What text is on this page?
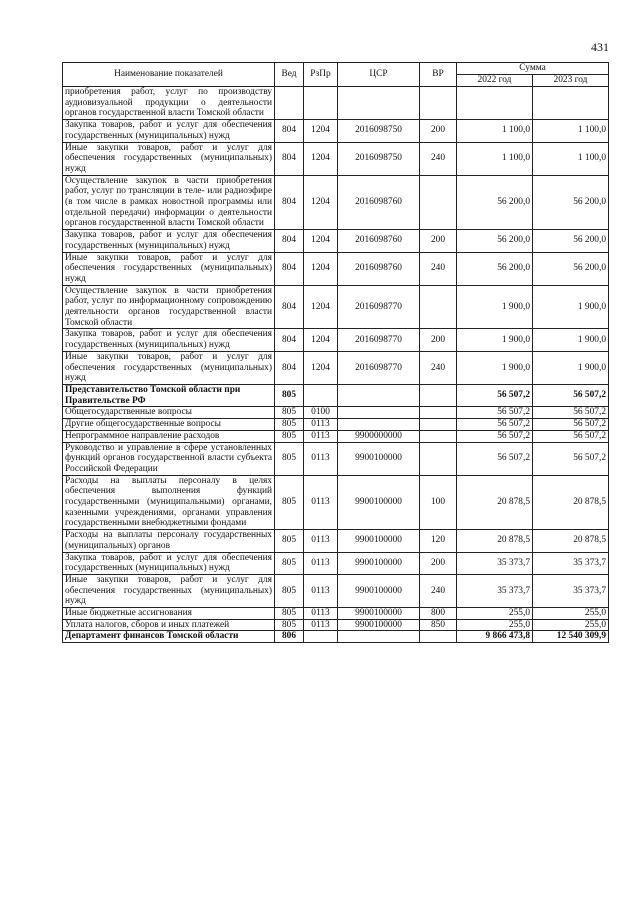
431
Наименование показателей	Вед	РзПр	ЦСР	ВР	Сумма	
					2022 год	2023 год
приобретения работ, услуг по производству аудиовизуальной продукции о деятельности органов государственной власти Томской области						
Закупка товаров, работ и услуг для обеспечения государственных (муниципальных) нужд	804	1204	2016098750	200	1 100,0	1 100,0
Иные закупки товаров, работ и услуг для обеспечения государственных (муниципальных) нужд	804	1204	2016098750	240	1 100,0	1 100,0
Осуществление закупок в части приобретения работ, услуг по трансляции в теле- или радиоэфире (в том числе в рамках новостной программы или отдельной передачи) информации о деятельности органов государственной власти Томской области	804	1204	2016098760		56 200,0	56 200,0
Закупка товаров, работ и услуг для обеспечения государственных (муниципальных) нужд	804	1204	2016098760	200	56 200,0	56 200,0
Иные закупки товаров, работ и услуг для обеспечения государственных (муниципальных) нужд	804	1204	2016098760	240	56 200,0	56 200,0
Осуществление закупок в части приобретения работ, услуг по информационному сопровождению деятельности органов государственной власти Томской области	804	1204	2016098770		1 900,0	1 900,0
Закупка товаров, работ и услуг для обеспечения государственных (муниципальных) нужд	804	1204	2016098770	200	1 900,0	1 900,0
Иные закупки товаров, работ и услуг для обеспечения государственных (муниципальных) нужд	804	1204	2016098770	240	1 900,0	1 900,0
Представительство Томской области при Правительстве РФ	805				56 507,2	56 507,2
Общегосударственные вопросы	805	0100			56 507,2	56 507,2
Другие общегосударственные вопросы	805	0113			56 507,2	56 507,2
Непрограммное направление расходов	805	0113	9900000000		56 507,2	56 507,2
Руководство и управление в сфере установленных функций органов государственной власти субъекта Российской Федерации	805	0113	9900100000		56 507,2	56 507,2
Расходы на выплаты персоналу в целях обеспечения выполнения функций государственными (муниципальными) органами, казенными учреждениями, органами управления государственными внебюджетными фондами	805	0113	9900100000	100	20 878,5	20 878,5
Расходы на выплаты персоналу государственных (муниципальных) органов	805	0113	9900100000	120	20 878,5	20 878,5
Закупка товаров, работ и услуг для обеспечения государственных (муниципальных) нужд	805	0113	9900100000	200	35 373,7	35 373,7
Иные закупки товаров, работ и услуг для обеспечения государственных (муниципальных) нужд	805	0113	9900100000	240	35 373,7	35 373,7
Иные бюджетные ассигнования	805	0113	9900100000	800	255,0	255,0
Уплата налогов, сборов и иных платежей	805	0113	9900100000	850	255,0	255,0
Департамент финансов Томской области	806				9 866 473,8	12 540 309,9
